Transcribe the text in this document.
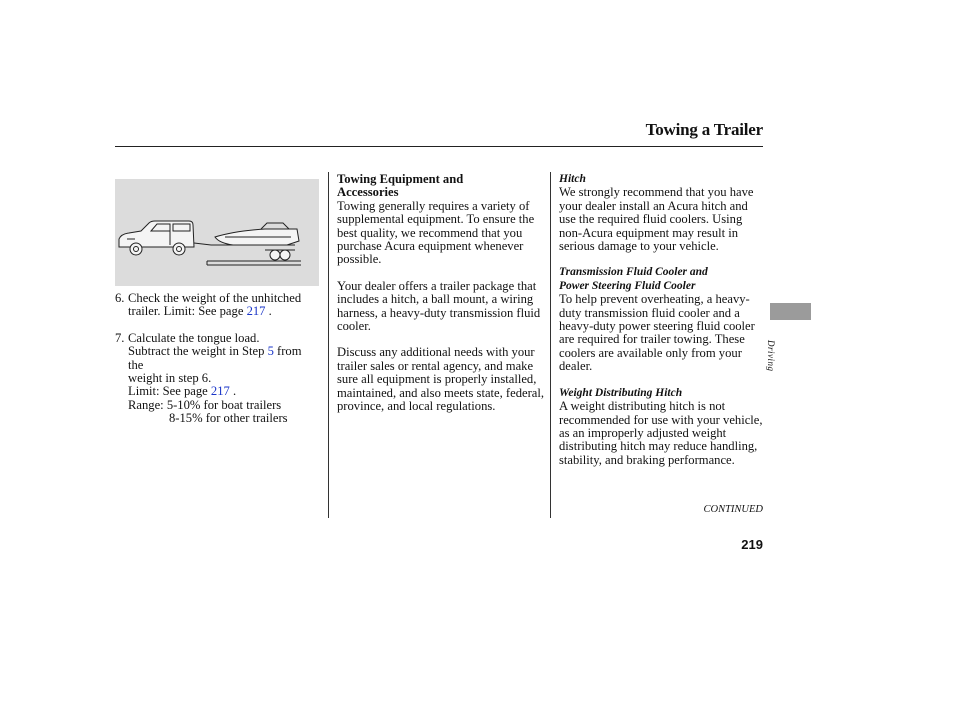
Towing a Trailer
6. Check the weight of the unhitched trailer. Limit: See page 217 .
7. Calculate the tongue load.
Subtract the weight in Step 5 from
the
weight in step 6.
Limit: See page 217 .
Range: 5-10% for boat trailers
8-15% for other trailers

Towing Equipment and Accessories

Towing generally requires a variety of supplemental equipment. To ensure the best quality, we recommend that you purchase Acura equipment whenever possible.

Your dealer offers a trailer package that includes a hitch, a ball mount, a wiring harness, a heavy-duty transmission fluid cooler.

Discuss any additional needs with your trailer sales or rental agency, and make sure all equipment is properly installed, maintained, and also meets state, federal, province, and local regulations.

Hitch

We strongly recommend that you have your dealer install an Acura hitch and use the required fluid coolers. Using non-Acura equipment may result in serious damage to your vehicle.

Transmission Fluid Cooler and Power Steering Fluid Cooler

To help prevent overheating, a heavy-duty transmission fluid cooler and a heavy-duty power steering fluid cooler are required for trailer towing. These coolers are available only from your dealer.

Weight Distributing Hitch

A weight distributing hitch is not recommended for use with your vehicle, as an improperly adjusted weight distributing hitch may reduce handling, stability, and braking performance.

Driving
CONTINUED
219
